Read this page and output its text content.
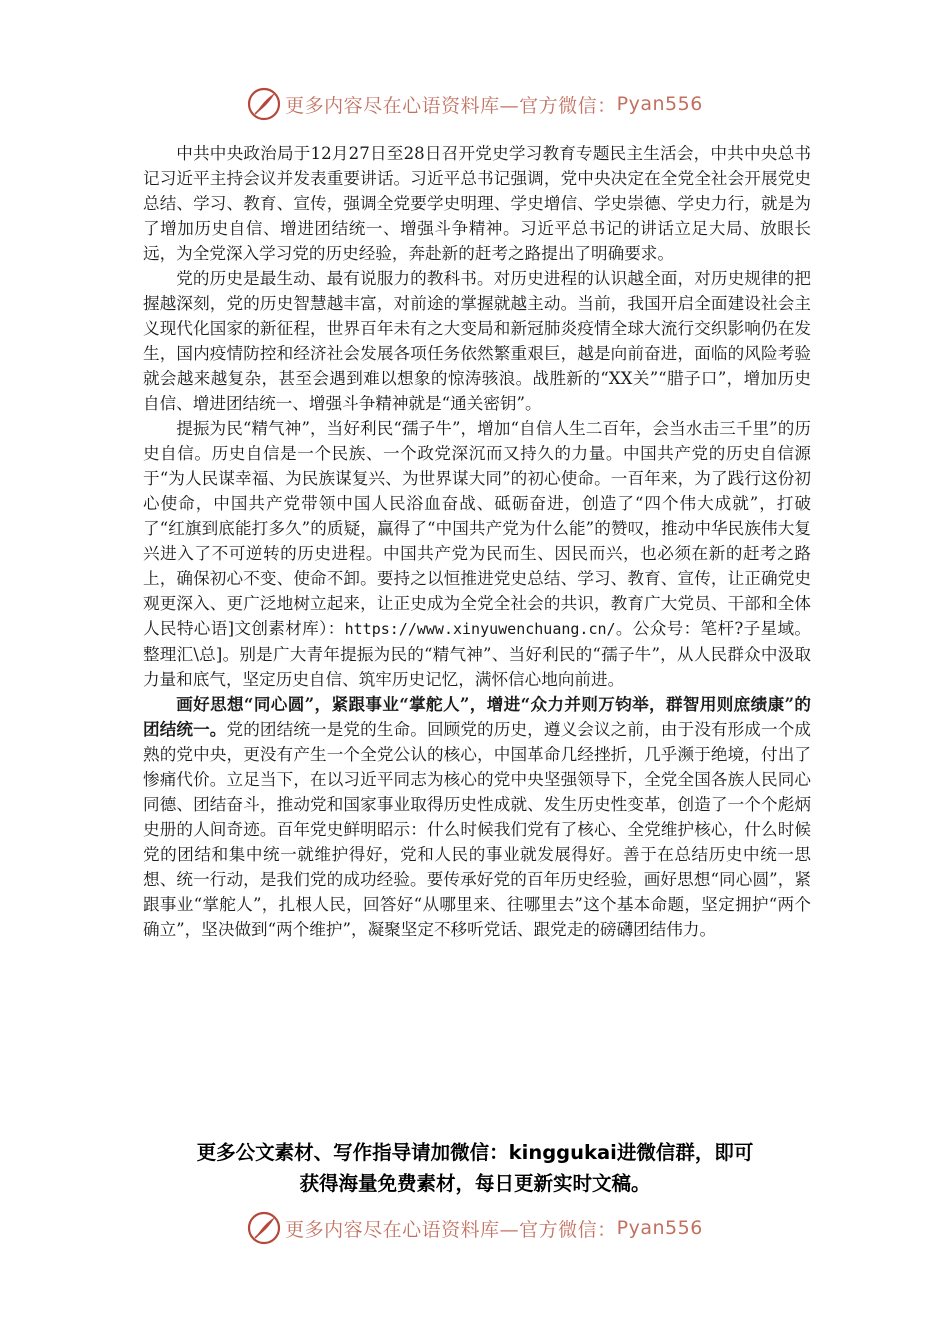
更多内容尽在心语资料库—官方微信： Pyan556

中共中央政治局于12月27日至28日召开党史学习教育专题民主生活会，中共中央总书记习近平主持会议并发表重要讲话。习近平总书记强调，党中央决定在全党全社会开展党史总结、学习、教育、宣传，强调全党要学史明理、学史增信、学史崇德、学史力行，就是为了增加历史自信、增进团结统一、增强斗争精神。习近平总书记的讲话立足大局、放眼长远，为全党深入学习党的历史经验，奔赴新的赶考之路提出了明确要求。

党的历史是最生动、最有说服力的教科书。对历史进程的认识越全面，对历史规律的把握越深刻，党的历史智慧越丰富，对前途的掌握就越主动。当前，我国开启全面建设社会主义现代化国家的新征程，世界百年未有之大变局和新冠肺炎疫情全球大流行交织影响仍在发生，国内疫情防控和经济社会发展各项任务依然繁重艰巨，越是向前奋进，面临的风险考验就会越来越复杂，甚至会遇到难以想象的惊涛骇浪。战胜新的“XX关”“腊子口”，增加历史自信、增进团结统一、增强斗争精神就是“通关密钥”。

提振为民“精气神”，当好利民“孺子牛”，增加“自信人生二百年，会当水击三千里”的历史自信。历史自信是一个民族、一个政党深沉而又持久的力量。中国共产党的历史自信源于“为人民谋幸福、为民族谋复兴、为世界谋大同”的初心使命。一百年来，为了践行这份初心使命，中国共产党带领中国人民浴血奋战、砥砺奋进，创造了“四个伟大成就”，打破了“红旗到底能打多久”的质疑，赢得了“中国共产党为什么能”的赞叹，推动中华民族伟大复兴进入了不可逆转的历史进程。中国共产党为民而生、因民而兴，也必须在新的赶考之路上，确保初心不变、使命不卸。要持之以恒推进党史总结、学习、教育、宣传，让正确党史观更深入、更广泛地树立起来，让正史成为全党全社会的共识，教育广大党员、干部和全体人民特心语]文创素材库）：https://www.xinyuwenchuang.cn/。公众号：笔杆?子星域。整理汇\总]。别是广大青年提振为民的“精气神”、当好利民的“孺子牛”，从人民群众中汲取力量和底气，坚定历史自信、筑牢历史记忆，满怀信心地向前进。

画好思想“同心圆”，紧跟事业“掌舵人”，增进“众力并则万钧举，群智用则庶绩康”的团结统一。党的团结统一是党的生命。回顾党的历史，遵义会议之前，由于没有形成一个成熟的党中央，更没有产生一个全党公认的核心，中国革命几经挫折，几乎濒于绝境，付出了惨痛代价。立足当下，在以习近平同志为核心的党中央坚强领导下，全党全国各族人民同心同德、团结奋斗，推动党和国家事业取得历史性成就、发生历史性变革，创造了一个个彪炳史册的人间奇迹。百年党史鲜明昭示：什么时候我们党有了核心、全党维护核心，什么时候党的团结和集中统一就维护得好，党和人民的事业就发展得好。善于在总结历史中统一思想、统一行动，是我们党的成功经验。要传承好党的百年历史经验，画好思想“同心圆”，紧跟事业“掌舵人”，扎根人民，回答好“从哪里来、往哪里去”这个基本命题，坚定拥护“两个确立”，坚决做到“两个维护”，凝聚坚定不移听党话、跟党走的磅礴团结伟力。

更多公文素材、写作指导请加微信：kinggukai进微信群，即可
获得海量免费素材，每日更新实时文稿。
更多内容尽在心语资料库—官方微信： Pyan556
